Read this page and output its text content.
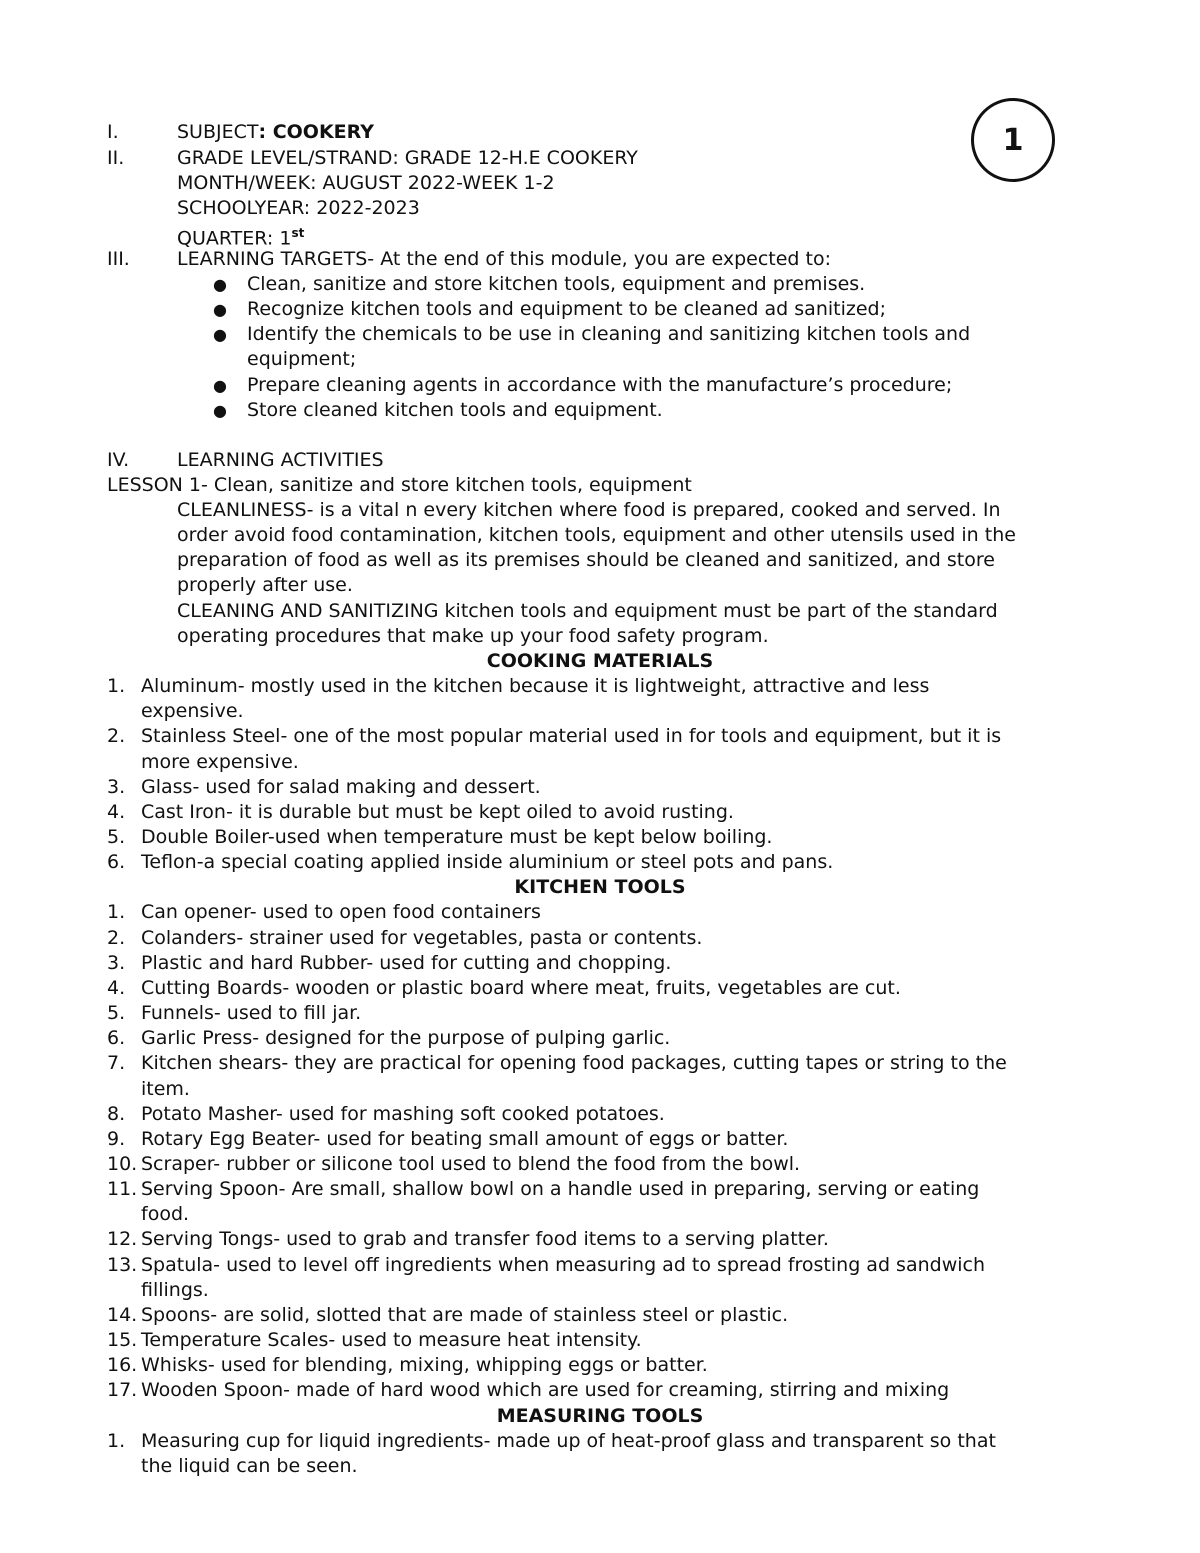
1
I.	SUBJECT: COOKERY
II.	GRADE LEVEL/STRAND: GRADE 12-H.E COOKERY
MONTH/WEEK: AUGUST 2022-WEEK 1-2
SCHOOLYEAR: 2022-2023
QUARTER: 1st
III. LEARNING TARGETS- At the end of this module, you are expected to:
● Clean, sanitize and store kitchen tools, equipment and premises.
● Recognize kitchen tools and equipment to be cleaned ad sanitized;
● Identify the chemicals to be use in cleaning and sanitizing kitchen tools and
equipment;
● Prepare cleaning agents in accordance with the manufacture’s procedure;
● Store cleaned kitchen tools and equipment.
IV.	LEARNING ACTIVITIES
LESSON 1- Clean, sanitize and store kitchen tools, equipment
CLEANLINESS- is a vital n every kitchen where food is prepared, cooked and served. In
order avoid food contamination, kitchen tools, equipment and other utensils used in the
preparation of food as well as its premises should be cleaned and sanitized, and store
properly after use.
CLEANING AND SANITIZING kitchen tools and equipment must be part of the standard
operating procedures that make up your food safety program.
COOKING MATERIALS
1. Aluminum- mostly used in the kitchen because it is lightweight, attractive and less
expensive.
2. Stainless Steel- one of the most popular material used in for tools and equipment, but it is
more expensive.
3. Glass- used for salad making and dessert.
4. Cast Iron- it is durable but must be kept oiled to avoid rusting.
5. Double Boiler-used when temperature must be kept below boiling.
6. Teflon-a special coating applied inside aluminium or steel pots and pans.
KITCHEN TOOLS
1. Can opener- used to open food containers
2. Colanders- strainer used for vegetables, pasta or contents.
3. Plastic and hard Rubber- used for cutting and chopping.
4. Cutting Boards- wooden or plastic board where meat, fruits, vegetables are cut.
5. Funnels- used to fill jar.
6. Garlic Press- designed for the purpose of pulping garlic.
7. Kitchen shears- they are practical for opening food packages, cutting tapes or string to the
item.
8. Potato Masher- used for mashing soft cooked potatoes.
9. Rotary Egg Beater- used for beating small amount of eggs or batter.
10. Scraper- rubber or silicone tool used to blend the food from the bowl.
11. Serving Spoon- Are small, shallow bowl on a handle used in preparing, serving or eating
food.
12. Serving Tongs- used to grab and transfer food items to a serving platter.
13. Spatula- used to level off ingredients when measuring ad to spread frosting ad sandwich
fillings.
14. Spoons- are solid, slotted that are made of stainless steel or plastic.
15. Temperature Scales- used to measure heat intensity.
16. Whisks- used for blending, mixing, whipping eggs or batter.
17. Wooden Spoon- made of hard wood which are used for creaming, stirring and mixing
MEASURING TOOLS
1. Measuring cup for liquid ingredients- made up of heat-proof glass and transparent so that
the liquid can be seen.
